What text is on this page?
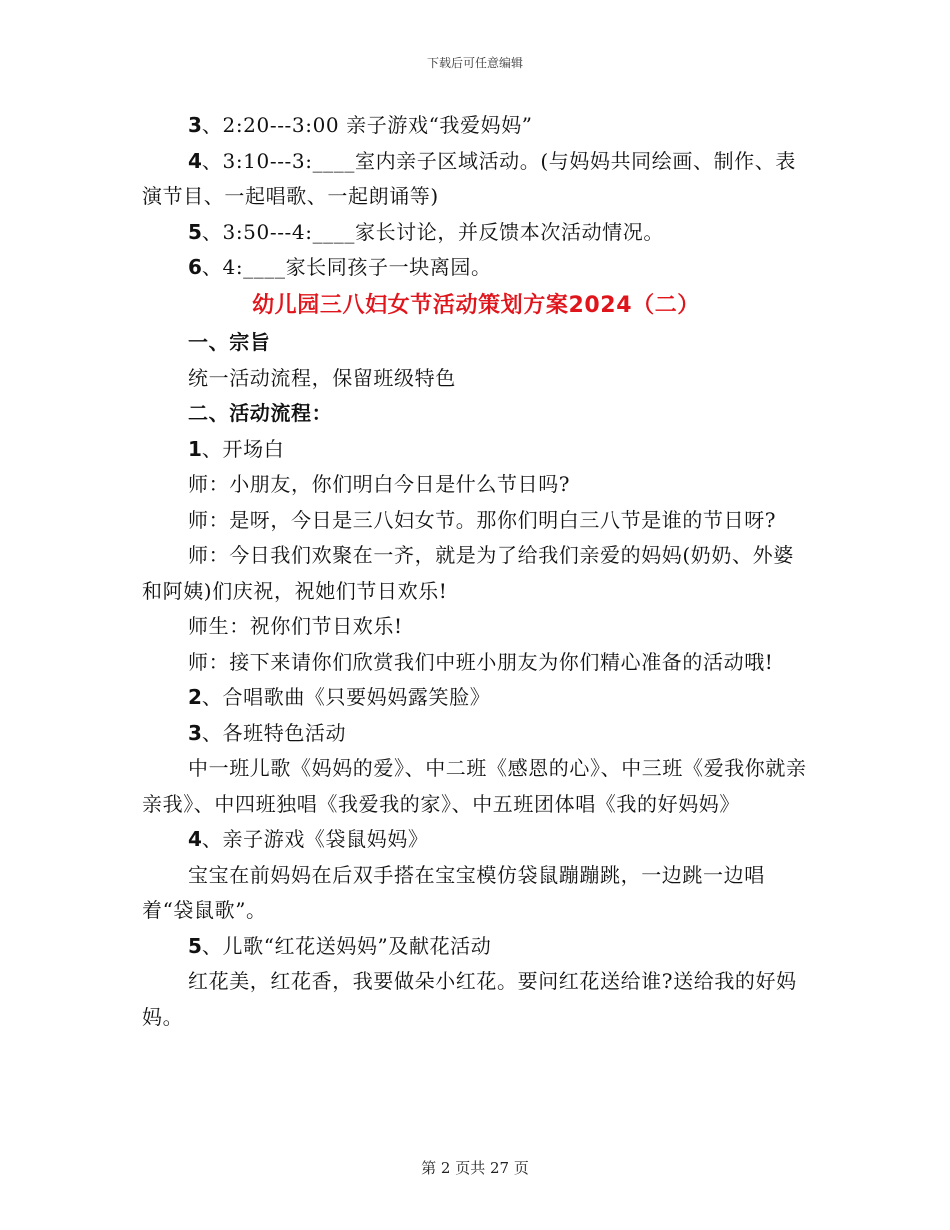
下载后可任意编辑

3、2:20---3:00 亲子游戏“我爱妈妈”

4、3:10---3:____室内亲子区域活动。(与妈妈共同绘画、制作、表演节目、一起唱歌、一起朗诵等)

5、3:50---4:____家长讨论，并反馈本次活动情况。

6、4:____家长同孩子一块离园。

幼儿园三八妇女节活动策划方案2024（二）

一、宗旨

统一活动流程，保留班级特色

二、活动流程：

1、开场白

师：小朋友，你们明白今日是什么节日吗?

师：是呀，今日是三八妇女节。那你们明白三八节是谁的节日呀?

师：今日我们欢聚在一齐，就是为了给我们亲爱的妈妈(奶奶、外婆和阿姨)们庆祝，祝她们节日欢乐!

师生：祝你们节日欢乐!

师：接下来请你们欣赏我们中班小朋友为你们精心准备的活动哦!

2、合唱歌曲《只要妈妈露笑脸》

3、各班特色活动

中一班儿歌《妈妈的爱》、中二班《感恩的心》、中三班《爱我你就亲亲我》、中四班独唱《我爱我的家》、中五班团体唱《我的好妈妈》

4、亲子游戏《袋鼠妈妈》

宝宝在前妈妈在后双手搭在宝宝模仿袋鼠蹦蹦跳，一边跳一边唱着“袋鼠歌”。

5、儿歌“红花送妈妈”及献花活动

红花美，红花香，我要做朵小红花。要问红花送给谁?送给我的好妈妈。

第 2 页共 27 页
